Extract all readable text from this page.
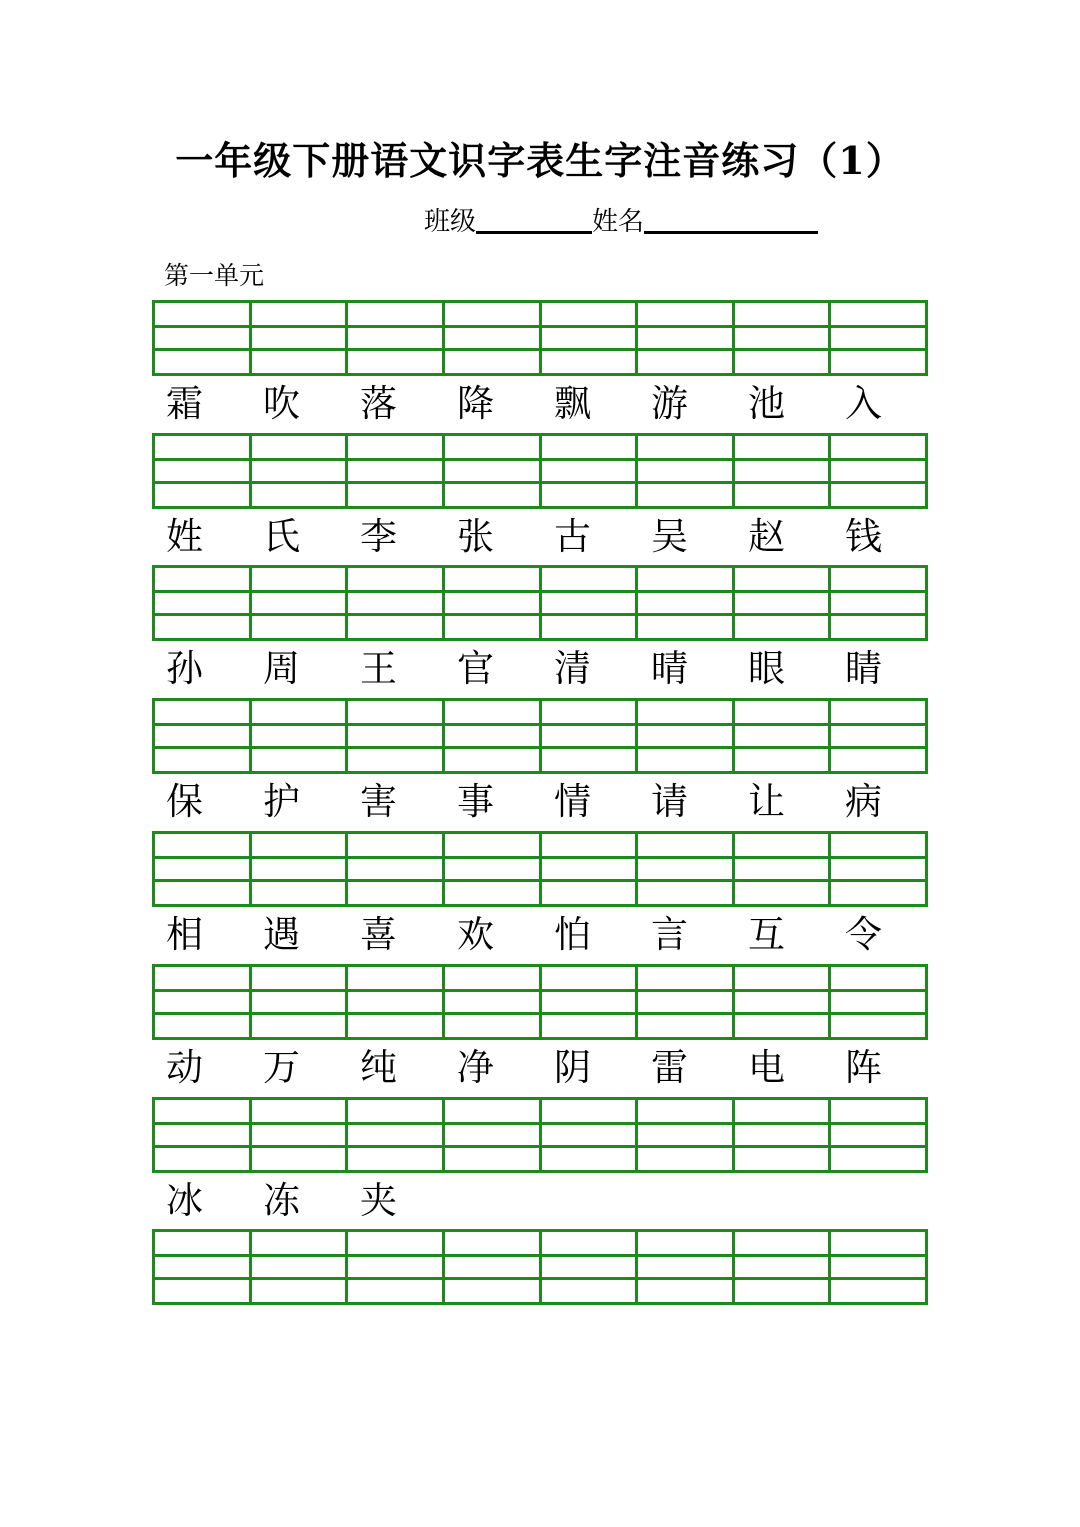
一年级下册语文识字表生字注音练习（1）
班级	姓名
第一单元
霜	吹	落	降	飘	游	池	入
姓	氏	李	张	古	吴	赵	钱
孙	周	王	官	清	晴	眼	睛
保	护	害	事	情	请	让	病
相	遇	喜	欢	怕	言	互	令
动	万	纯	净	阴	雷	电	阵
冰	冻	夹
